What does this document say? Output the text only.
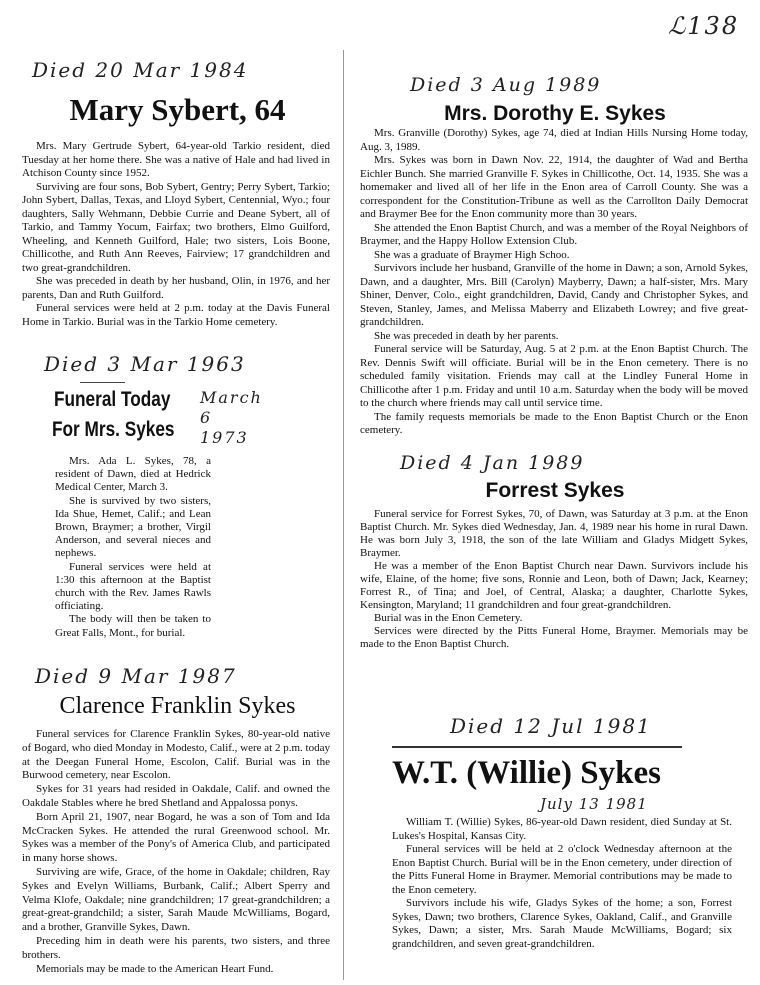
ℒ138
Died 20 Mar 1984
Mary Sybert, 64

Mrs. Mary Gertrude Sybert, 64-year-old Tarkio resident, died Tuesday at her home there. She was a native of Hale and had lived in Atchison County since 1952.

Surviving are four sons, Bob Sybert, Gentry; Perry Sybert, Tarkio; John Sybert, Dallas, Texas, and Lloyd Sybert, Centennial, Wyo.; four daughters, Sally Wehmann, Debbie Currie and Deane Sybert, all of Tarkio, and Tammy Yocum, Fairfax; two brothers, Elmo Guilford, Wheeling, and Kenneth Guilford, Hale; two sisters, Lois Boone, Chillicothe, and Ruth Ann Reeves, Fairview; 17 grandchildren and two great-grandchildren.

She was preceded in death by her husband, Olin, in 1976, and her parents, Dan and Ruth Guilford.

Funeral services were held at 2 p.m. today at the Davis Funeral Home in Tarkio. Burial was in the Tarkio Home cemetery.

Died 3 Aug 1989
Mrs. Dorothy E. Sykes

Mrs. Granville (Dorothy) Sykes, age 74, died at Indian Hills Nursing Home today, Aug. 3, 1989.

Mrs. Sykes was born in Dawn Nov. 22, 1914, the daughter of Wad and Bertha Eichler Bunch. She married Granville F. Sykes in Chillicothe, Oct. 14, 1935. She was a homemaker and lived all of her life in the Enon area of Carroll County. She was a correspondent for the Constitution-Tribune as well as the Carrollton Daily Democrat and Braymer Bee for the Enon community more than 30 years.

She attended the Enon Baptist Church, and was a member of the Royal Neighbors of Braymer, and the Happy Hollow Extension Club.

She was a graduate of Braymer High Schoo.

Survivors include her husband, Granville of the home in Dawn; a son, Arnold Sykes, Dawn, and a daughter, Mrs. Bill (Carolyn) Mayberry, Dawn; a half-sister, Mrs. Mary Shiner, Denver, Colo., eight grandchildren, David, Candy and Christopher Sykes, and Steven, Stanley, James, and Melissa Maberry and Elizabeth Lowrey; and five great-grandchildren.

She was preceded in death by her parents.

Funeral service will be Saturday, Aug. 5 at 2 p.m. at the Enon Baptist Church. The Rev. Dennis Swift will officiate. Burial will be in the Enon cemetery. There is no scheduled family visitation. Friends may call at the Lindley Funeral Home in Chillicothe after 1 p.m. Friday and until 10 a.m. Saturday when the body will be moved to the church where friends may call until service time.

The family requests memorials be made to the Enon Baptist Church or the Enon cemetery.

Died 3 Mar 1963
Funeral Today
For Mrs. Sykes
March 6 1973

Mrs. Ada L. Sykes, 78, a resident of Dawn, died at Hedrick Medical Center, March 3.

She is survived by two sisters, Ida Shue, Hemet, Calif.; and Lean Brown, Braymer; a brother, Virgil Anderson, and several nieces and nephews.

Funeral services were held at 1:30 this afternoon at the Baptist church with the Rev. James Rawls officiating.

The body will then be taken to Great Falls, Mont., for burial.

Died 4 Jan 1989
Forrest Sykes

Funeral service for Forrest Sykes, 70, of Dawn, was Saturday at 3 p.m. at the Enon Baptist Church. Mr. Sykes died Wednesday, Jan. 4, 1989 near his home in rural Dawn. He was born July 3, 1918, the son of the late William and Gladys Midgett Sykes, Braymer.

He was a member of the Enon Baptist Church near Dawn. Survivors include his wife, Elaine, of the home; five sons, Ronnie and Leon, both of Dawn; Jack, Kearney; Forrest R., of Tina; and Joel, of Central, Alaska; a daughter, Charlotte Sykes, Kensington, Maryland; 11 grandchildren and four great-grandchildren.

Burial was in the Enon Cemetery.

Services were directed by the Pitts Funeral Home, Braymer. Memorials may be made to the Enon Baptist Church.

Died 9 Mar 1987
Clarence Franklin Sykes

Funeral services for Clarence Franklin Sykes, 80-year-old native of Bogard, who died Monday in Modesto, Calif., were at 2 p.m. today at the Deegan Funeral Home, Escolon, Calif. Burial was in the Burwood cemetery, near Escolon.

Sykes for 31 years had resided in Oakdale, Calif. and owned the Oakdale Stables where he bred Shetland and Appalossa ponys.

Born April 21, 1907, near Bogard, he was a son of Tom and Ida McCracken Sykes. He attended the rural Greenwood school. Mr. Sykes was a member of the Pony's of America Club, and participated in many horse shows.

Surviving are wife, Grace, of the home in Oakdale; children, Ray Sykes and Evelyn Williams, Burbank, Calif.; Albert Sperry and Velma Klofe, Oakdale; nine grandchildren; 17 great-grandchildren; a great-great-grandchild; a sister, Sarah Maude McWilliams, Bogard, and a brother, Granville Sykes, Dawn.

Preceding him in death were his parents, two sisters, and three brothers.

Memorials may be made to the American Heart Fund.

Died 12 Jul 1981
W.T. (Willie) Sykes
July 13 1981

William T. (Willie) Sykes, 86-year-old Dawn resident, died Sunday at St. Lukes's Hospital, Kansas City.

Funeral services will be held at 2 o'clock Wednesday afternoon at the Enon Baptist Church. Burial will be in the Enon cemetery, under direction of the Pitts Funeral Home in Braymer. Memorial contributions may be made to the Enon cemetery.

Survivors include his wife, Gladys Sykes of the home; a son, Forrest Sykes, Dawn; two brothers, Clarence Sykes, Oakland, Calif., and Granville Sykes, Dawn; a sister, Mrs. Sarah Maude McWilliams, Bogard; six grandchildren, and seven great-grandchildren.
